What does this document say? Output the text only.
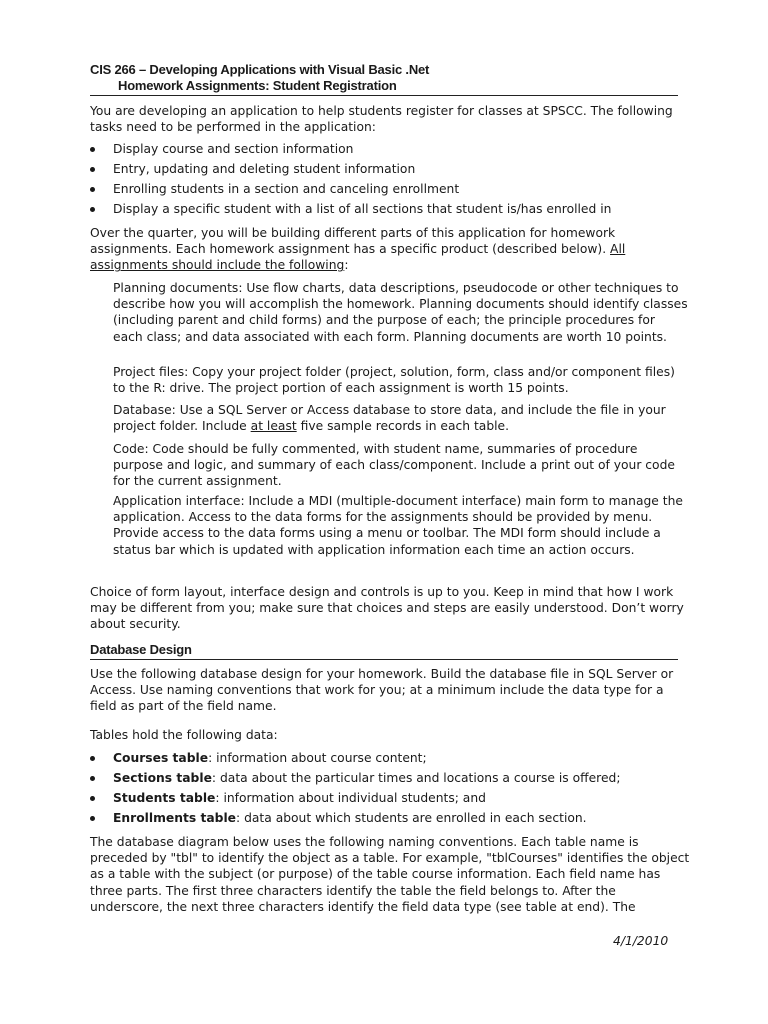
CIS 266 – Developing Applications with Visual Basic .Net
Homework Assignments: Student Registration

You are developing an application to help students register for classes at SPSCC. The following tasks need to be performed in the application:

Display course and section information
Entry, updating and deleting student information
Enrolling students in a section and canceling enrollment
Display a specific student with a list of all sections that student is/has enrolled in

Over the quarter, you will be building different parts of this application for homework assignments. Each homework assignment has a specific product (described below). All assignments should include the following:

Planning documents: Use flow charts, data descriptions, pseudocode or other techniques to describe how you will accomplish the homework. Planning documents should identify classes (including parent and child forms) and the purpose of each; the principle procedures for each class; and data associated with each form. Planning documents are worth 10 points.

Project files: Copy your project folder (project, solution, form, class and/or component files) to the R: drive. The project portion of each assignment is worth 15 points.

Database: Use a SQL Server or Access database to store data, and include the file in your project folder. Include at least five sample records in each table.

Code: Code should be fully commented, with student name, summaries of procedure purpose and logic, and summary of each class/component. Include a print out of your code for the current assignment.

Application interface: Include a MDI (multiple-document interface) main form to manage the application. Access to the data forms for the assignments should be provided by menu. Provide access to the data forms using a menu or toolbar. The MDI form should include a status bar which is updated with application information each time an action occurs.

Choice of form layout, interface design and controls is up to you. Keep in mind that how I work may be different from you; make sure that choices and steps are easily understood. Don’t worry about security.

Database Design

Use the following database design for your homework. Build the database file in SQL Server or Access. Use naming conventions that work for you; at a minimum include the data type for a field as part of the field name.

Tables hold the following data:

Courses table: information about course content;
Sections table: data about the particular times and locations a course is offered;
Students table: information about individual students; and
Enrollments table: data about which students are enrolled in each section.

The database diagram below uses the following naming conventions. Each table name is preceded by "tbl" to identify the object as a table. For example, "tblCourses" identifies the object as a table with the subject (or purpose) of the table course information. Each field name has three parts. The first three characters identify the table the field belongs to. After the underscore, the next three characters identify the field data type (see table at end). The

4/1/2010
